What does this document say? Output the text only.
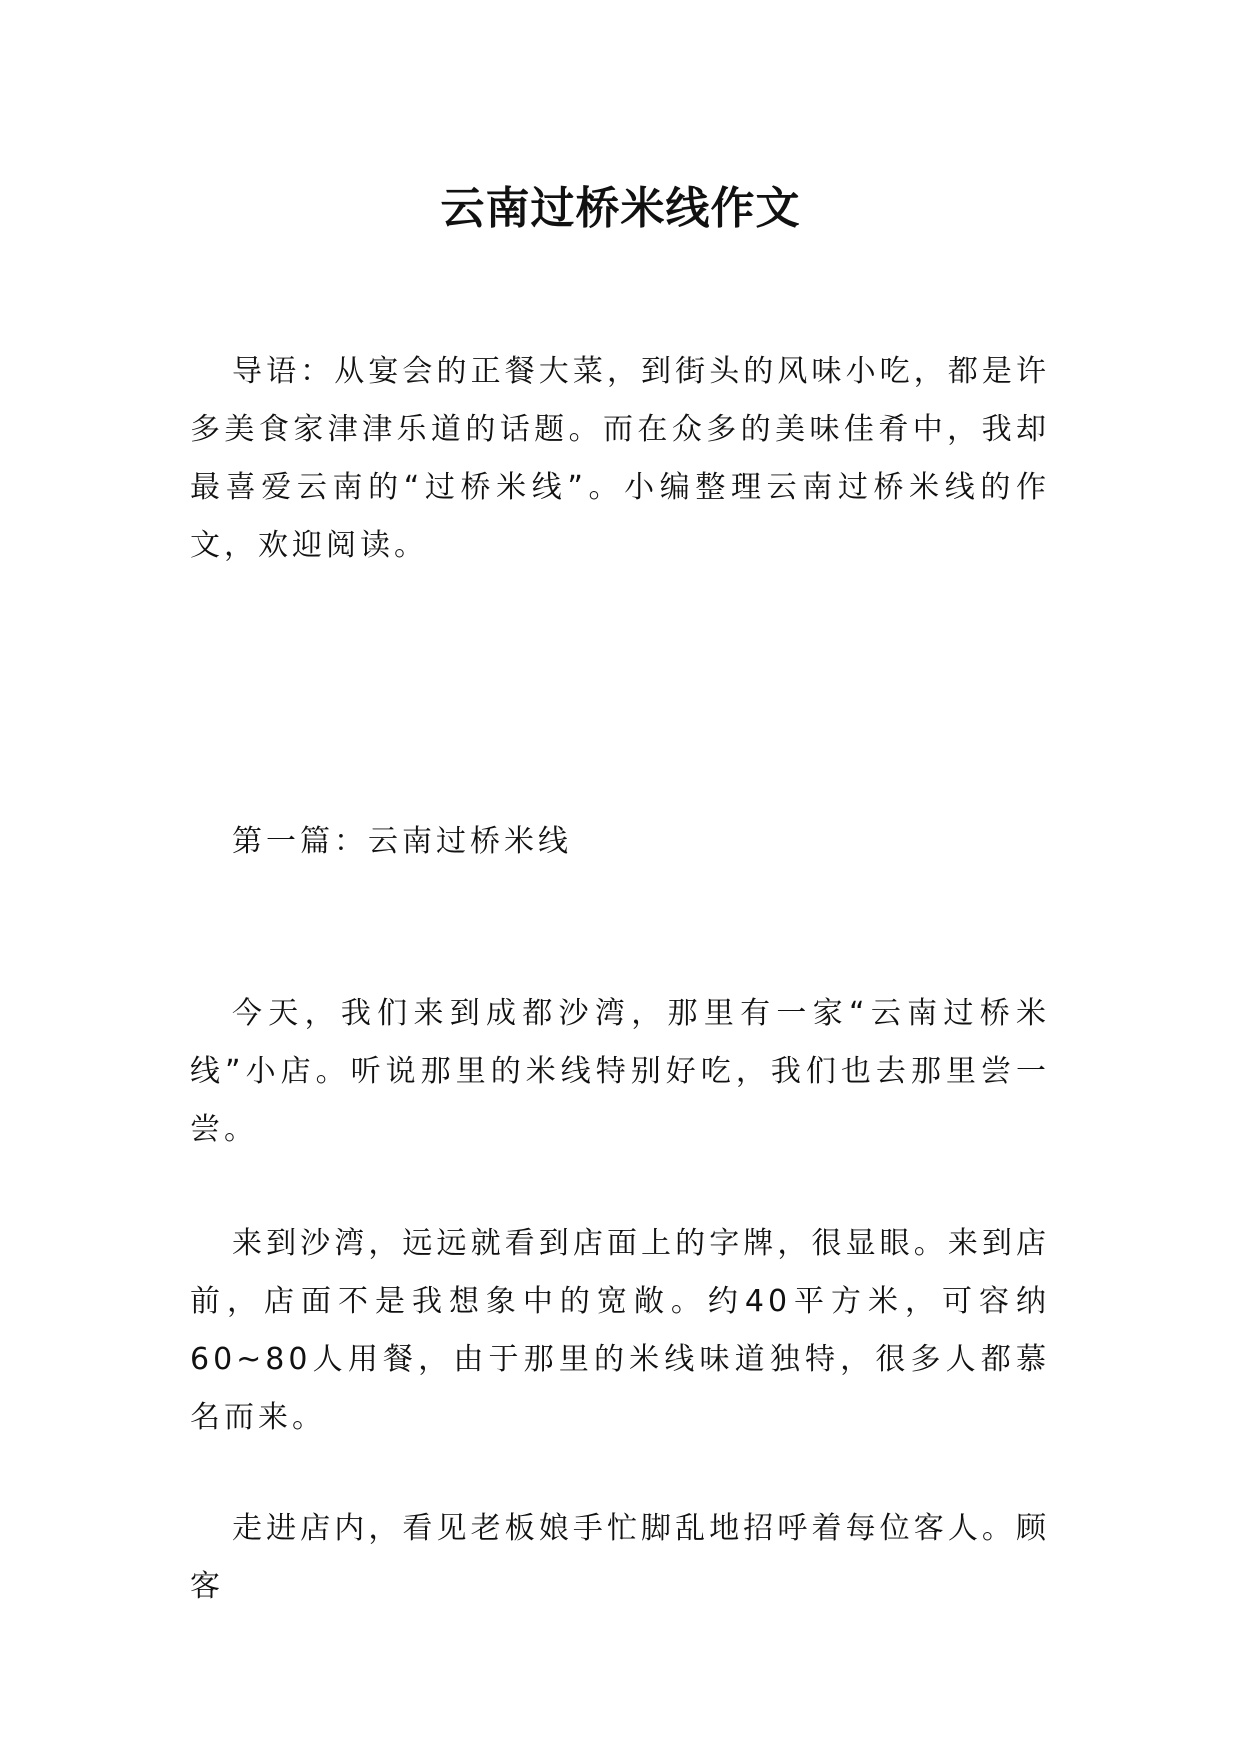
云南过桥米线作文

导语：从宴会的正餐大菜，到街头的风味小吃，都是许多美食家津津乐道的话题。而在众多的美味佳肴中，我却最喜爱云南的“过桥米线”。小编整理云南过桥米线的作文，欢迎阅读。

第一篇：云南过桥米线

今天，我们来到成都沙湾，那里有一家“云南过桥米线”小店。听说那里的米线特别好吃，我们也去那里尝一尝。

来到沙湾，远远就看到店面上的字牌，很显眼。来到店前，店面不是我想象中的宽敞。约40平方米，可容纳60~80人用餐，由于那里的米线味道独特，很多人都慕名而来。

走进店内，看见老板娘手忙脚乱地招呼着每位客人。顾客
